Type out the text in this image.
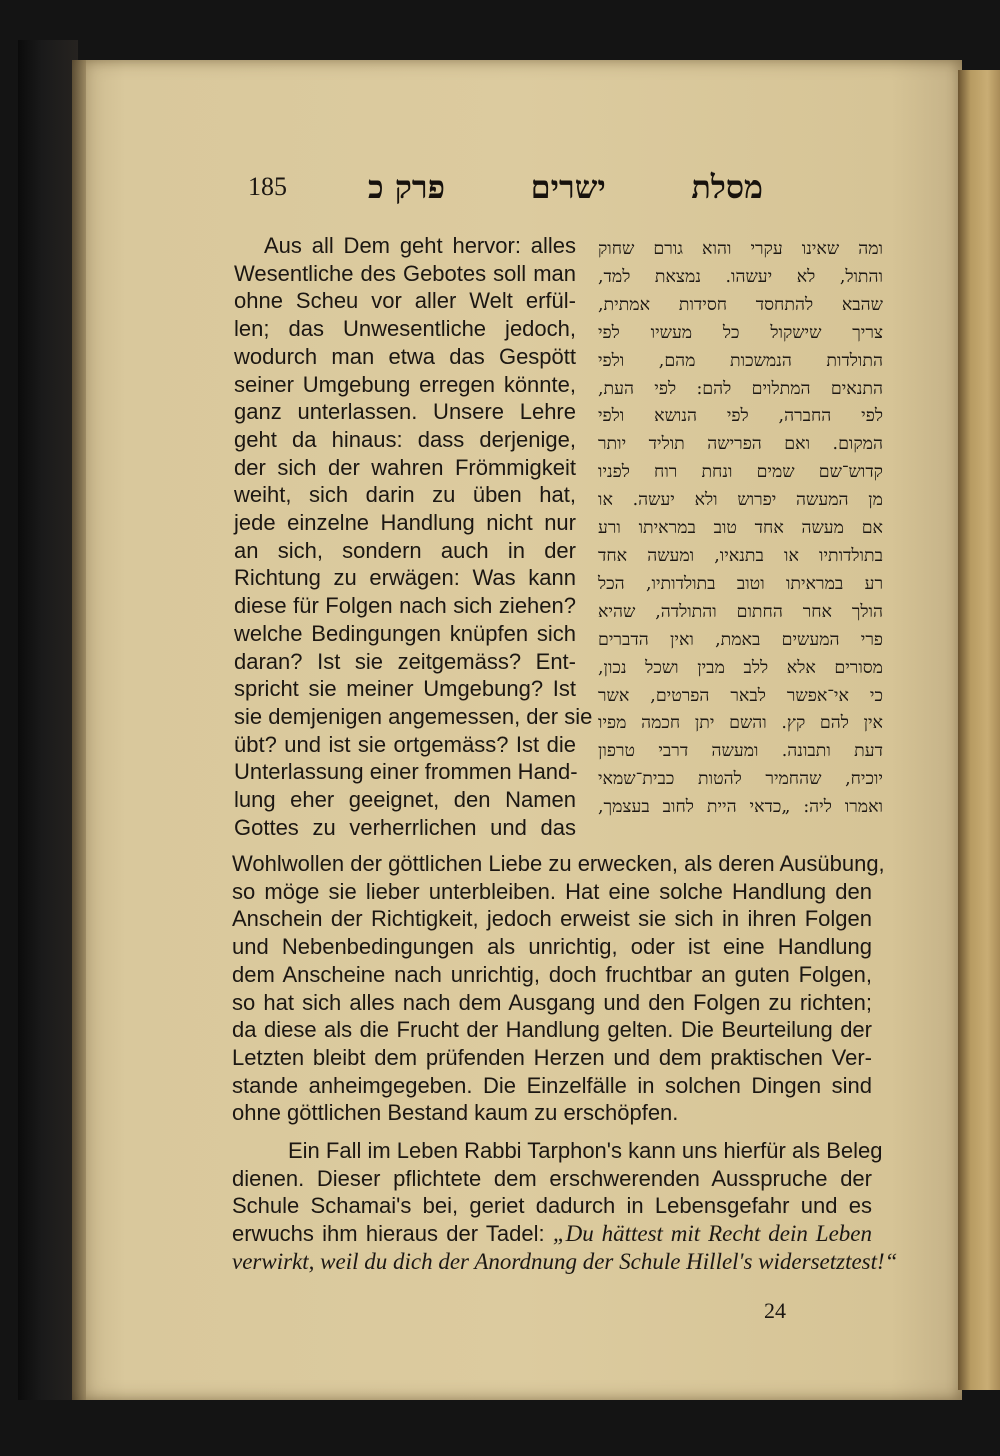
185	מסלת
ישרים
פרק כ
ומה שאינו עקרי והוא גורם שחוק
והתול, לא יעשהו. נמצאת למד,
שהבא להתחסד חסידות אמתית,
צריך שישקול כל מעשיו לפי
התולדות הנמשכות מהם, ולפי
התנאים המתלוים להם: לפי העת,
לפי החברה, לפי הנושא ולפי
המקום. ואם הפרישה תוליד יותר
קדוש־שם שמים ונחת רוח לפניו
מן המעשה יפרוש ולא יעשה. או
אם מעשה אחד טוב במראיתו ורע
בתולדותיו או בתנאיו, ומעשה אחד
רע במראיתו וטוב בתולדותיו, הכל
הולך אחר החתום והתולדה, שהיא
פרי המעשים באמת, ואין הדברים
מסורים אלא ללב מבין ושכל נכון,
כי אי־אפשר לבאר הפרטים, אשר
אין להם קץ. והשם יתן חכמה מפיו
דעת ותבונה. ומעשה דרבי טרפון
יוכיח, שהחמיר להטות כבית־שמאי
ואמרו ליה: „כדאי היית לחוב בעצמך,
Aus all Dem geht hervor: alles
Wesentliche des Gebotes soll man
ohne Scheu vor aller Welt erfül-
len; das Unwesentliche jedoch,
wodurch man etwa das Gespött
seiner Umgebung erregen könnte,
ganz unterlassen. Unsere Lehre
geht da hinaus: dass derjenige,
der sich der wahren Frömmigkeit
weiht, sich darin zu üben hat,
jede einzelne Handlung nicht nur
an sich, sondern auch in der
Richtung zu erwägen: Was kann
diese für Folgen nach sich ziehen?
welche Bedingungen knüpfen sich
daran? Ist sie zeitgemäss? Ent-
spricht sie meiner Umgebung? Ist
sie demjenigen angemessen, der sie
übt? und ist sie ortgemäss? Ist die
Unterlassung einer frommen Hand-
lung eher geeignet, den Namen
Gottes zu verherrlichen und das
Wohlwollen der göttlichen Liebe zu erwecken, als deren Ausübung,
so möge sie lieber unterbleiben. Hat eine solche Handlung den
Anschein der Richtigkeit, jedoch erweist sie sich in ihren Folgen
und Nebenbedingungen als unrichtig, oder ist eine Handlung
dem Anscheine nach unrichtig, doch fruchtbar an guten Folgen,
so hat sich alles nach dem Ausgang und den Folgen zu richten;
da diese als die Frucht der Handlung gelten. Die Beurteilung der
Letzten bleibt dem prüfenden Herzen und dem praktischen Ver-
stande anheimgegeben. Die Einzelfälle in solchen Dingen sind
ohne göttlichen Bestand kaum zu erschöpfen.
Ein Fall im Leben Rabbi Tarphon's kann uns hierfür als Beleg
dienen. Dieser pflichtete dem erschwerenden Ausspruche der
Schule Schamai's bei, geriet dadurch in Lebensgefahr und es
erwuchs ihm hieraus der Tadel: „Du hättest mit Recht dein Leben
verwirkt, weil du dich der Anordnung der Schule Hillel's widersetztest!“
24
